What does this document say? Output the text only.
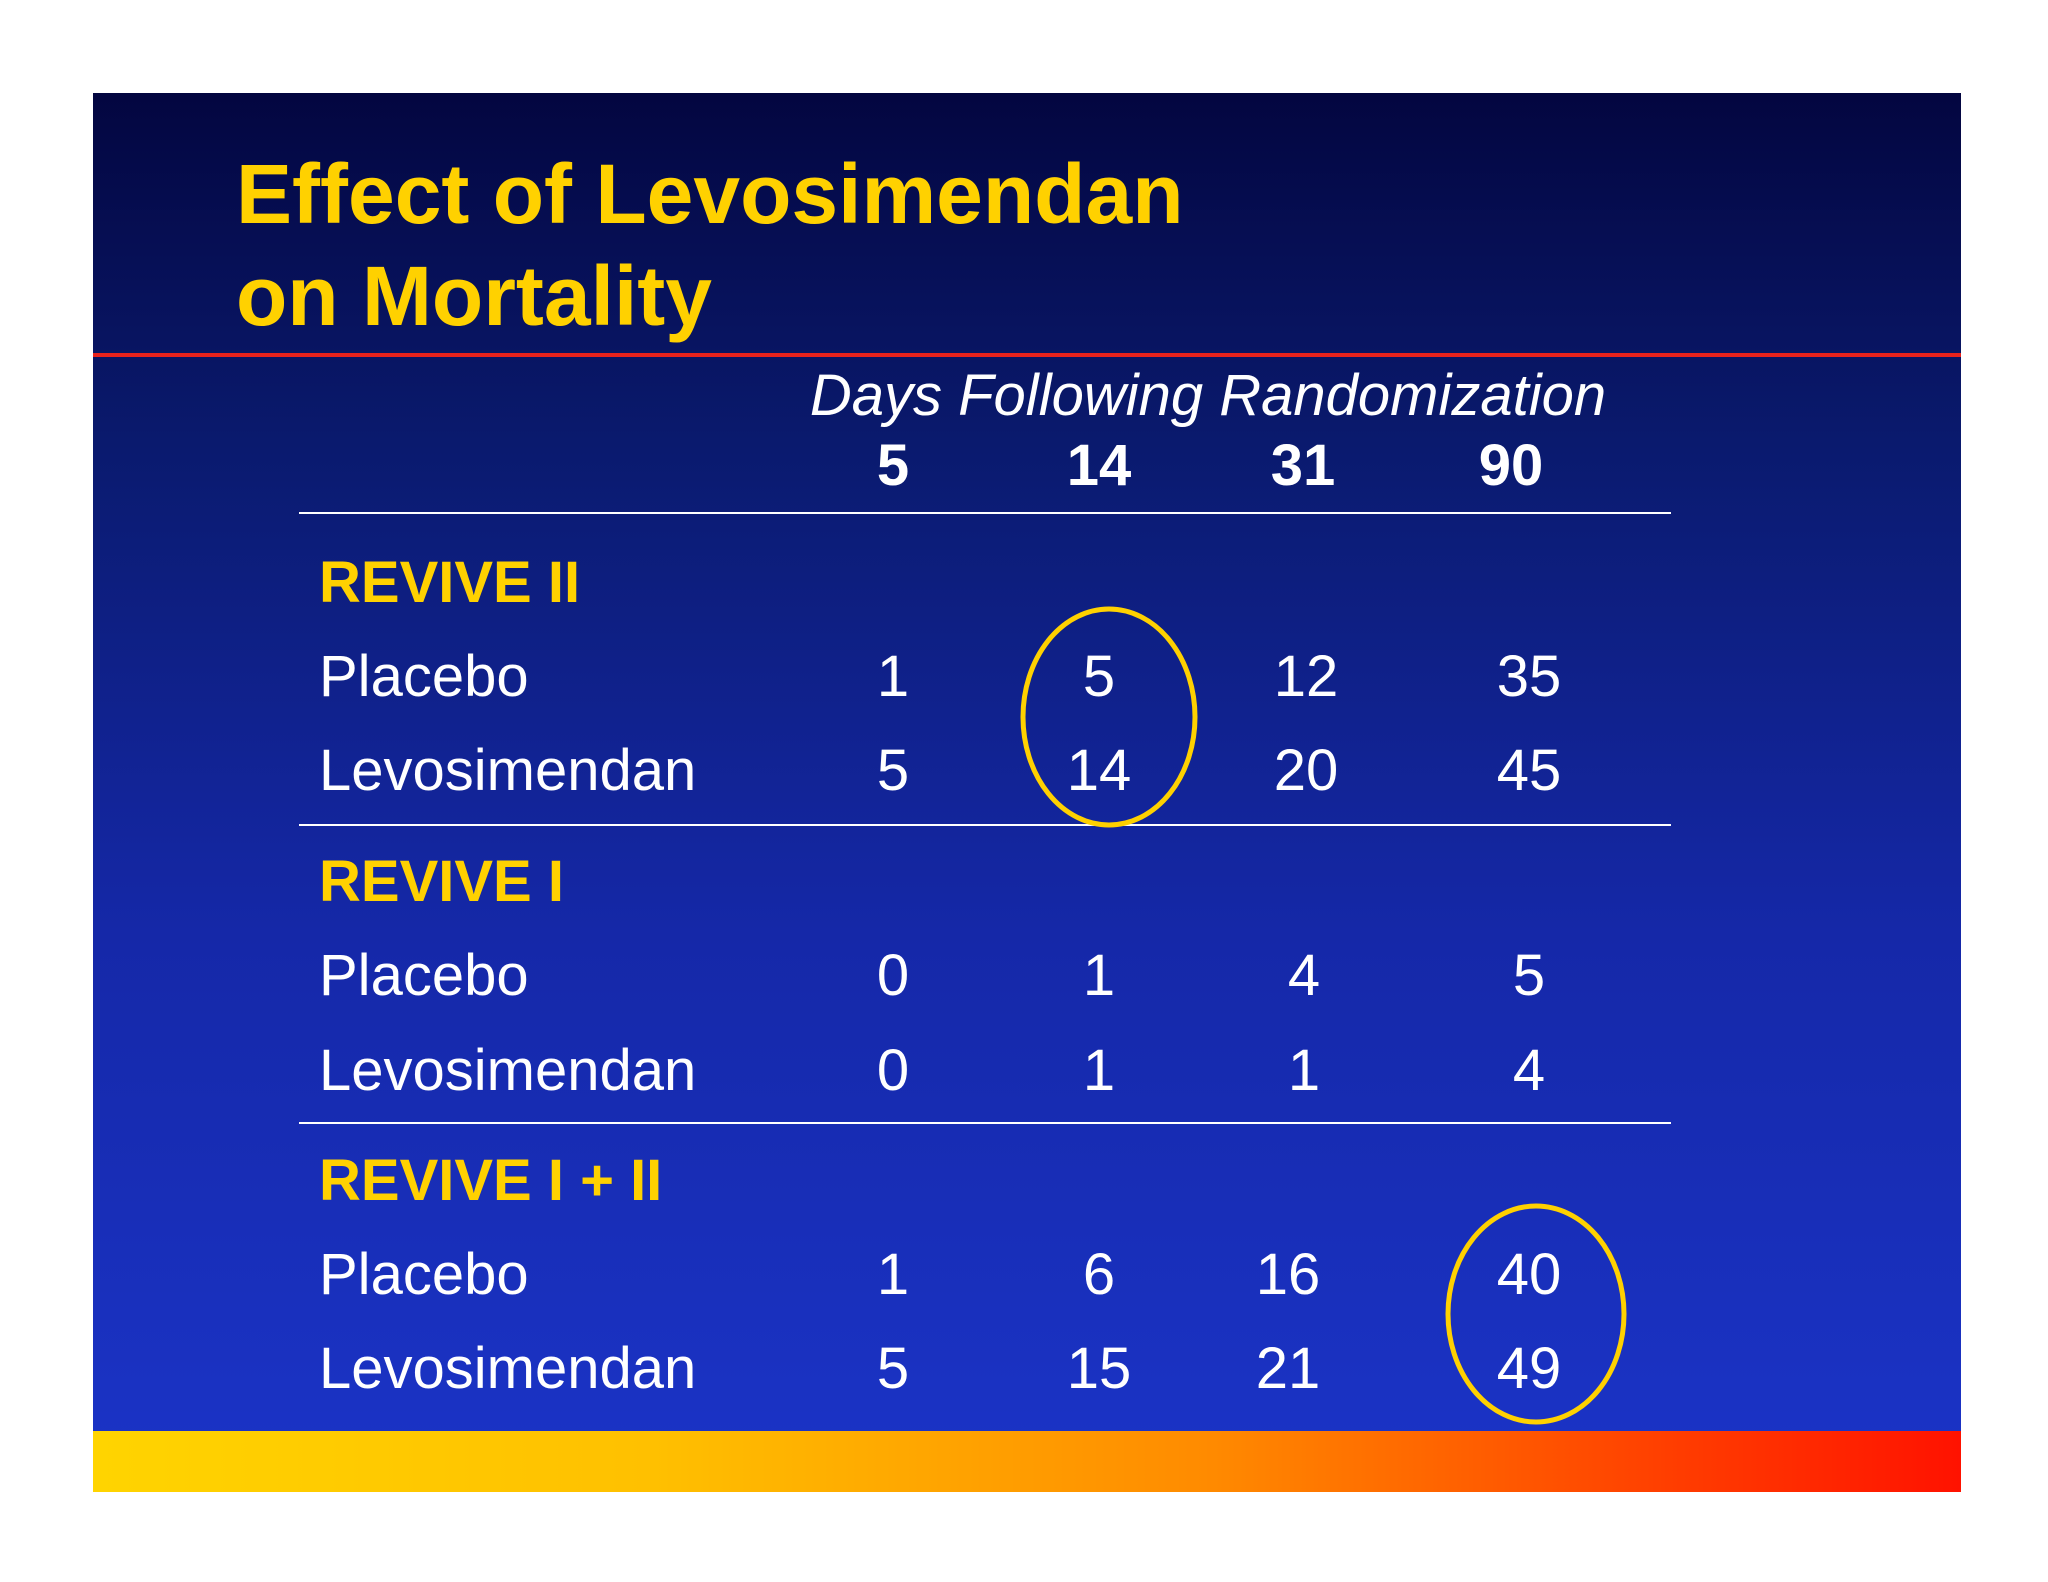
Effect of Levosimendan
on Mortality
Days Following Randomization
5	14	31	90
REVIVE II
Placebo	1	5	12	35
Levosimendan	5	14	20	45
REVIVE I
Placebo	0	1	4	5
Levosimendan	0	1	1	4
REVIVE I + II
Placebo	1	6	16	40
Levosimendan	5	15	21	49
